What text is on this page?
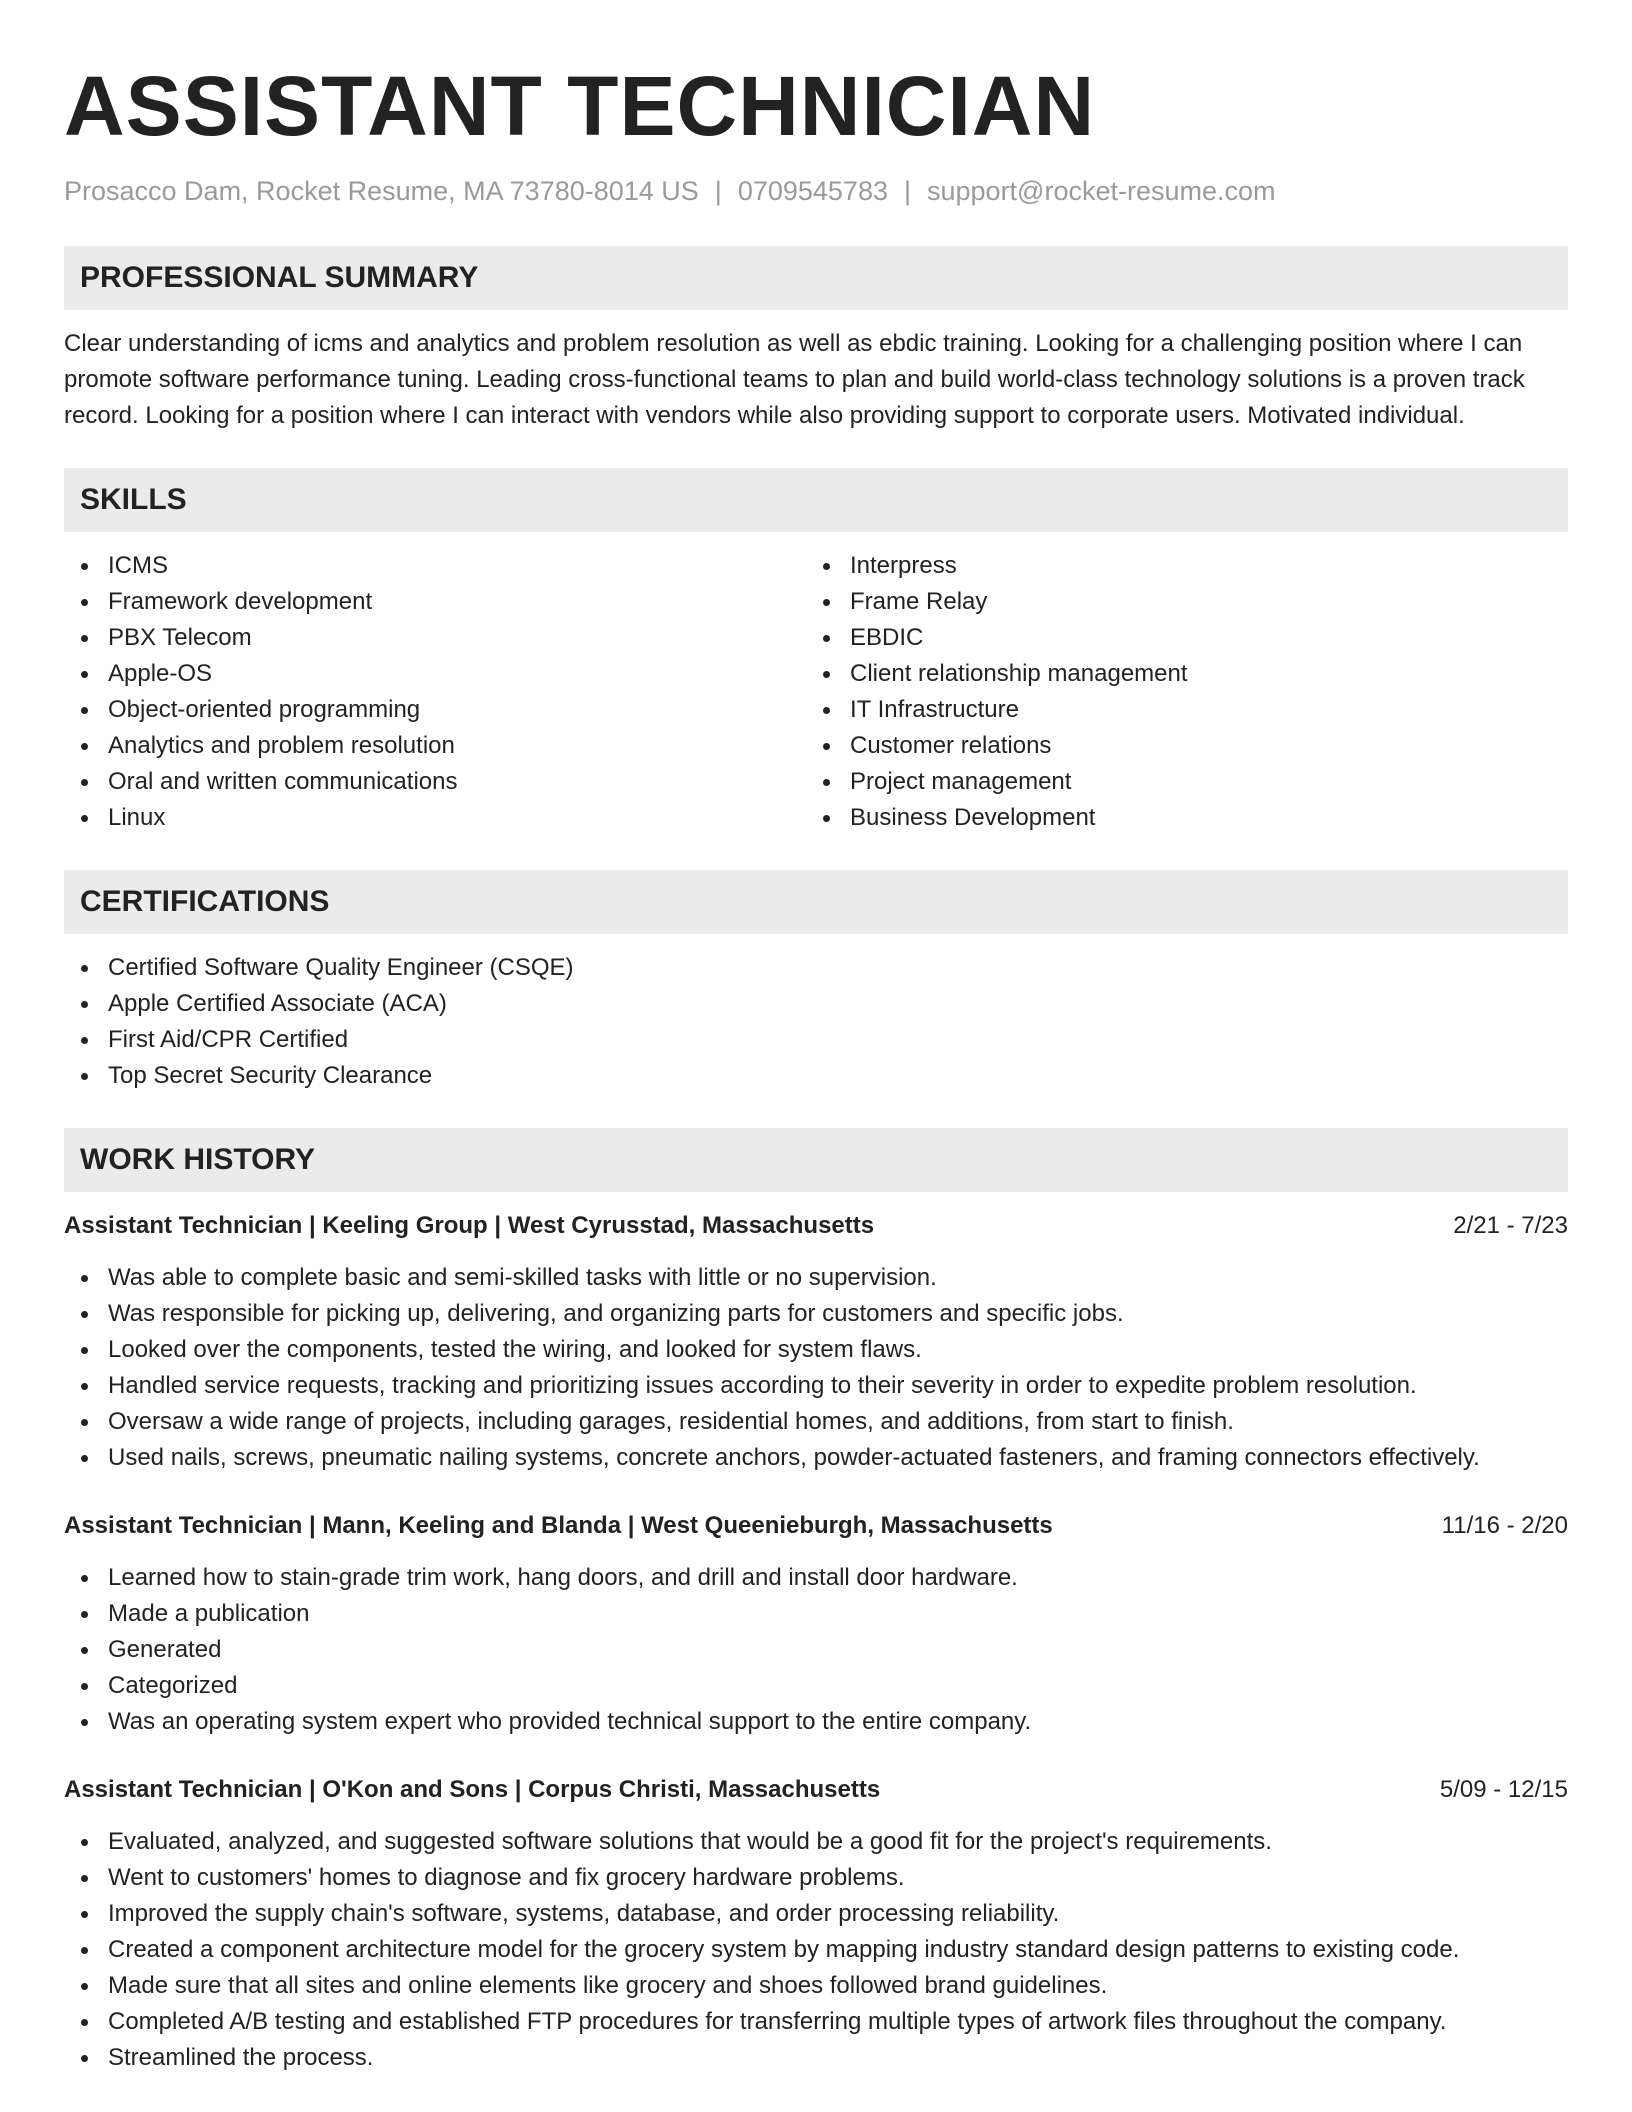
ASSISTANT TECHNICIAN
Prosacco Dam, Rocket Resume, MA 73780-8014 US | 0709545783 | support@rocket-resume.com
PROFESSIONAL SUMMARY

Clear understanding of icms and analytics and problem resolution as well as ebdic training. Looking for a challenging position where I can promote software performance tuning. Leading cross-functional teams to plan and build world-class technology solutions is a proven track record. Looking for a position where I can interact with vendors while also providing support to corporate users. Motivated individual.

SKILLS
ICMS
Framework development
PBX Telecom
Apple-OS
Object-oriented programming
Analytics and problem resolution
Oral and written communications
Linux
Interpress
Frame Relay
EBDIC
Client relationship management
IT Infrastructure
Customer relations
Project management
Business Development
CERTIFICATIONS
Certified Software Quality Engineer (CSQE)
Apple Certified Associate (ACA)
First Aid/CPR Certified
Top Secret Security Clearance
WORK HISTORY
Assistant Technician | Keeling Group | West Cyrusstad, Massachusetts	2/21 - 7/23
Was able to complete basic and semi-skilled tasks with little or no supervision.
Was responsible for picking up, delivering, and organizing parts for customers and specific jobs.
Looked over the components, tested the wiring, and looked for system flaws.
Handled service requests, tracking and prioritizing issues according to their severity in order to expedite problem resolution.
Oversaw a wide range of projects, including garages, residential homes, and additions, from start to finish.
Used nails, screws, pneumatic nailing systems, concrete anchors, powder-actuated fasteners, and framing connectors effectively.
Assistant Technician | Mann, Keeling and Blanda | West Queenieburgh, Massachusetts	11/16 - 2/20
Learned how to stain-grade trim work, hang doors, and drill and install door hardware.
Made a publication
Generated
Categorized
Was an operating system expert who provided technical support to the entire company.
Assistant Technician | O'Kon and Sons | Corpus Christi, Massachusetts	5/09 - 12/15
Evaluated, analyzed, and suggested software solutions that would be a good fit for the project's requirements.
Went to customers' homes to diagnose and fix grocery hardware problems.
Improved the supply chain's software, systems, database, and order processing reliability.
Created a component architecture model for the grocery system by mapping industry standard design patterns to existing code.
Made sure that all sites and online elements like grocery and shoes followed brand guidelines.
Completed A/B testing and established FTP procedures for transferring multiple types of artwork files throughout the company.
Streamlined the process.
